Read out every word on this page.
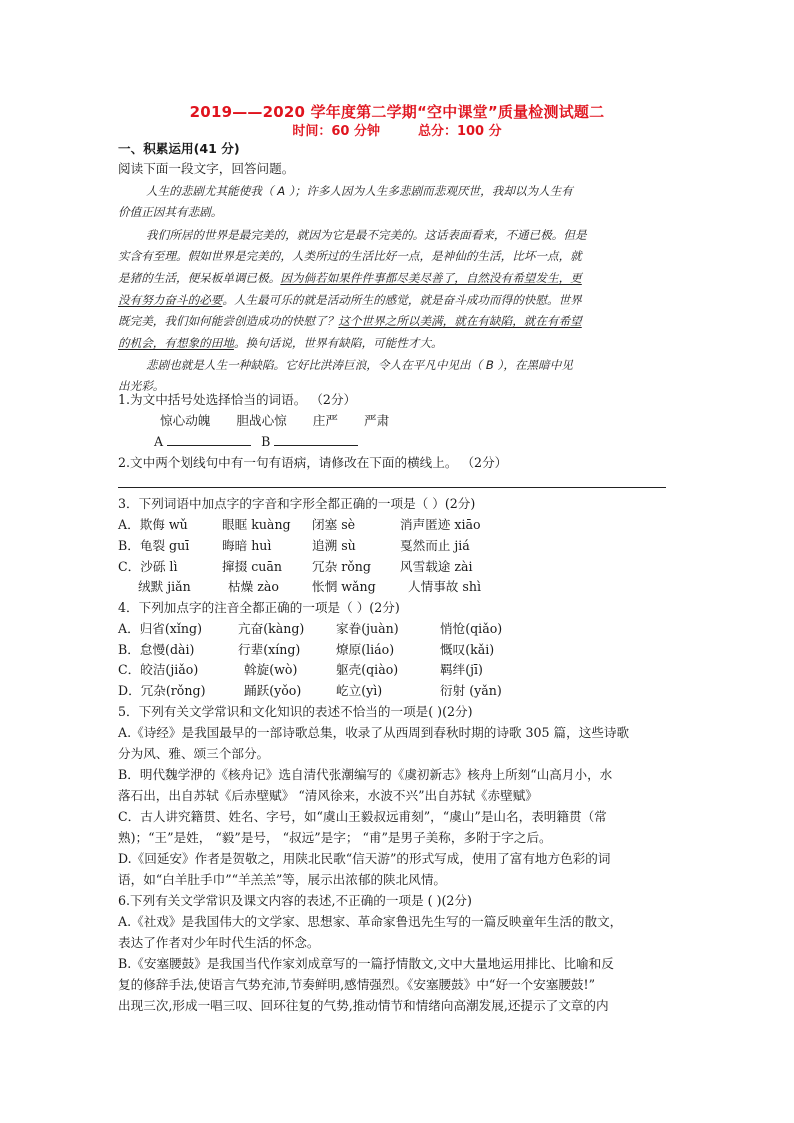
2019——2020 学年度第二学期“空中课堂”质量检测试题二
时间：60 分钟	总分：100 分
一、积累运用(41 分)
阅读下面一段文字，回答问题。
人生的悲剧尤其能使我（ A ）；许多人因为人生多悲剧而悲观厌世，我却以为人生有
价值正因其有悲剧。
我们所居的世界是最完美的，就因为它是最不完美的。这话表面看来，不通已极。但是
实含有至理。假如世界是完美的，人类所过的生活比好一点，是神仙的生活，比坏一点，就
是猪的生活，便呆板单调已极。因为倘若如果件件事都尽美尽善了，自然没有希望发生，更
没有努力奋斗的必要。人生最可乐的就是活动所生的感觉，就是奋斗成功而得的快慰。世界
既完美，我们如何能尝创造成功的快慰了？这个世界之所以美满，就在有缺陷，就在有希望
的机会，有想象的田地。换句话说，世界有缺陷，可能性才大。
悲剧也就是人生一种缺陷。它好比洪涛巨浪，令人在平凡中见出（ B ），在黑暗中见
出光彩。
1.为文中括号处选择恰当的词语。 （2分）
惊心动魄 胆战心惊 庄严 严肃
A	B
2.文中两个划线句中有一句有语病，请修改在下面的横线上。 （2分）
3．下列词语中加点字的字音和字形全都正确的一项是（ ）(2分)
A．欺侮 wǔ	眼眶 kuàng 闭塞 sè	消声匿迹 xiāo
B．龟裂 guī	晦暗 huì	追溯 sù	戛然而止 jiá
C．沙砾 lì	撺掇 cuān 冗杂 rǒng 风雪载途 zài
绒默 jiǎn	枯燥 zào	怅惘 wǎng	人情事故 shì
4．下列加点字的注音全都正确的一项是（ ）(2分)
A．归省(xǐng)	亢奋(kàng)	家眷(juàn)	悄怆(qiǎo)
B．怠慢(dài)	行辈(xíng)	燎原(liáo)	慨叹(kǎi)
C．皎洁(jiǎo)	斡旋(wò)	躯壳(qiào)	羁绊(jī)
D．冗杂(rǒng)	踊跃(yǒo)	屹立(yì)	衍射 (yǎn)
5．下列有关文学常识和文化知识的表述不恰当的一项是( )(2分)
A.《诗经》是我国最早的一部诗歌总集，收录了从西周到春秋时期的诗歌 305 篇，这些诗歌
分为风、雅、颂三个部分。
B．明代魏学洢的《核舟记》选自清代张潮编写的《虞初新志》核舟上所刻“山高月小，水
落石出，出自苏轼《后赤壁赋》 “清风徐来，水波不兴”出自苏轼《赤壁赋》
C．古人讲究籍贯、姓名、字号，如“虞山王毅叔远甫刻”，“虞山”是山名，表明籍贯（常
熟)；“王”是姓， “毅”是号， “叔远”是字； “甫”是男子美称，多附于字之后。
D.《回延安》作者是贺敬之，用陕北民歌“信天游”的形式写成，使用了富有地方色彩的词
语，如“白羊肚手巾”“羊羔羔”等，展示出浓郁的陕北风情。
6.下列有关文学常识及课文内容的表述,不正确的一项是 ( )(2分)
A.《社戏》是我国伟大的文学家、思想家、革命家鲁迅先生写的一篇反映童年生活的散文，
表达了作者对少年时代生活的怀念。
B.《安塞腰鼓》是我国当代作家刘成章写的一篇抒情散文,文中大量地运用排比、比喻和反
复的修辞手法,使语言气势充沛,节奏鲜明,感情强烈。《安塞腰鼓》中“好一个安塞腰鼓!”
出现三次,形成一唱三叹、回环往复的气势,推动情节和情绪向高潮发展,还提示了文章的内
